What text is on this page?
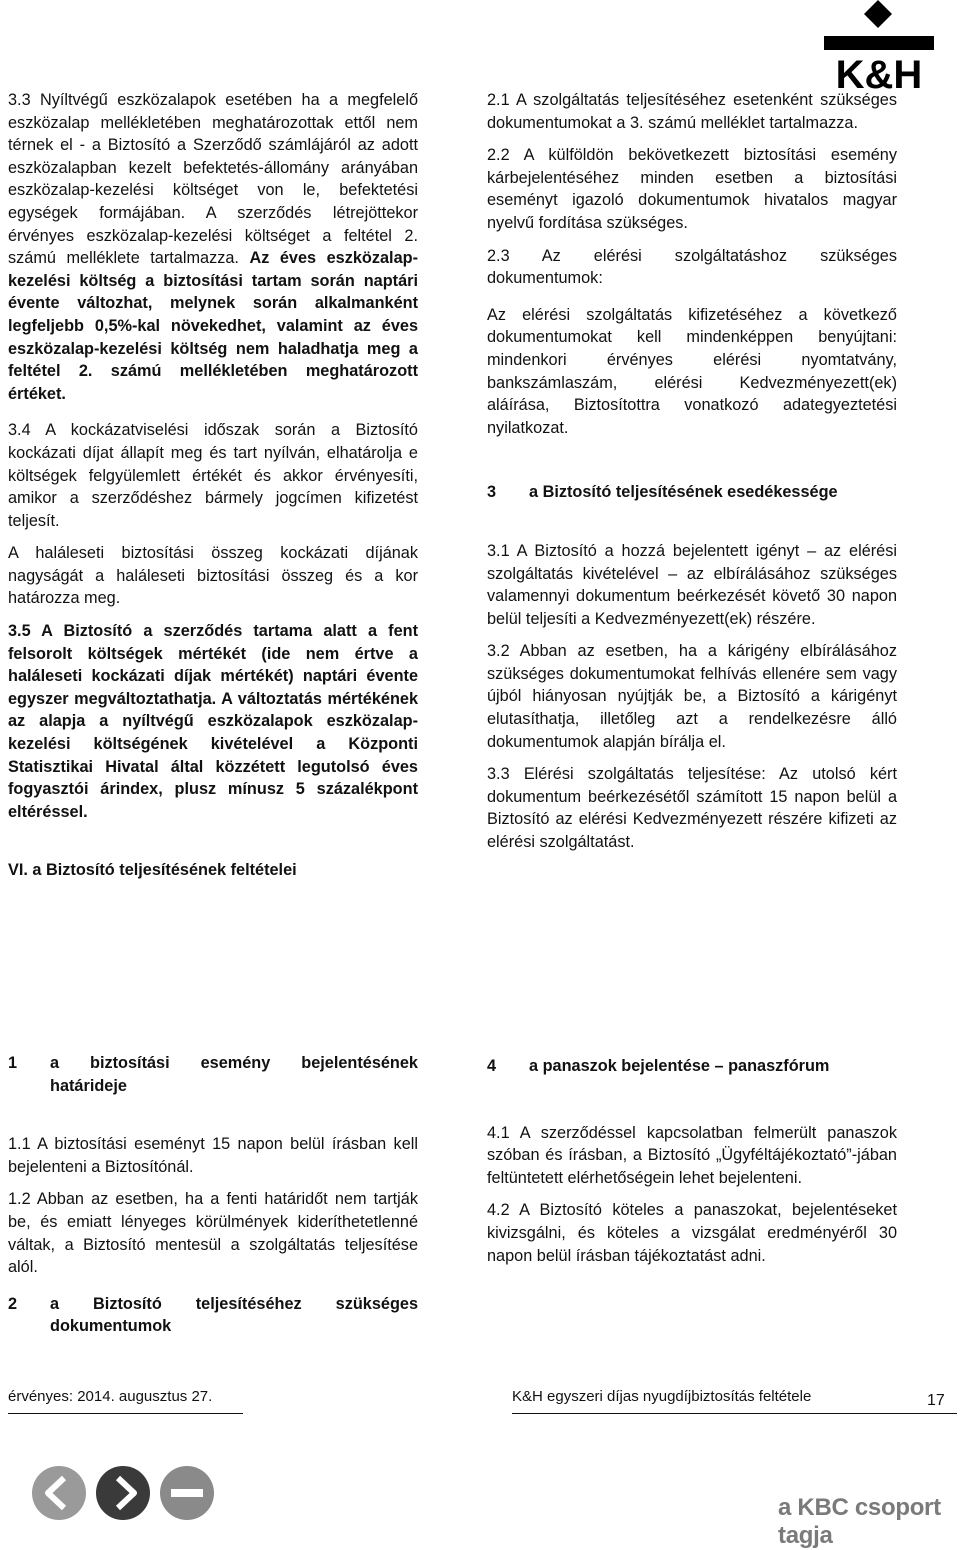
K&H

3.3 Nyíltvégű eszközalapok esetében ha a megfelelő eszközalap mellékletében meghatározottak ettől nem térnek el - a Biztosító a Szerződő számlájáról az adott eszközalapban kezelt befektetés-állomány arányában eszközalap-kezelési költséget von le, befektetési egységek formájában. A szerződés létrejöttekor érvényes eszközalap-kezelési költséget a feltétel 2. számú melléklete tartalmazza. Az éves eszközalap-kezelési költség a biztosítási tartam során naptári évente változhat, melynek során alkalmanként legfeljebb 0,5%-kal növekedhet, valamint az éves eszközalap-kezelési költség nem haladhatja meg a feltétel 2. számú mellékletében meghatározott értéket.

3.4 A kockázatviselési időszak során a Biztosító kockázati díjat állapít meg és tart nyílván, elhatárolja e költségek felgyülemlett értékét és akkor érvényesíti, amikor a szerződéshez bármely jogcímen kifizetést teljesít.

A haláleseti biztosítási összeg kockázati díjának nagyságát a haláleseti biztosítási összeg és a kor határozza meg.

3.5 A Biztosító a szerződés tartama alatt a fent felsorolt költségek mértékét (ide nem értve a haláleseti kockázati díjak mértékét) naptári évente egyszer megváltoztathatja. A változtatás mértékének az alapja a nyíltvégű eszközalapok eszközalap-kezelési költségének kivételével a Központi Statisztikai Hivatal által közzétett legutolsó éves fogyasztói árindex, plusz mínusz 5 százalékpont eltéréssel.

VI. a Biztosító teljesítésének feltételei

1	a biztosítási esemény bejelentésének határideje

1.1 A biztosítási eseményt 15 napon belül írásban kell bejelenteni a Biztosítónál.

1.2 Abban az esetben, ha a fenti határidőt nem tartják be, és emiatt lényeges körülmények kideríthetetlenné váltak, a Biztosító mentesül a szolgáltatás teljesítése alól.

2	a Biztosító teljesítéséhez szükséges dokumentumok

2.1 A szolgáltatás teljesítéséhez esetenként szükséges dokumentumokat a 3. számú melléklet tartalmazza.

2.2 A külföldön bekövetkezett biztosítási esemény kárbejelentéséhez minden esetben a biztosítási eseményt igazoló dokumentumok hivatalos magyar nyelvű fordítása szükséges.

2.3 Az elérési szolgáltatáshoz szükséges dokumentumok:

Az elérési szolgáltatás kifizetéséhez a következő dokumentumokat kell mindenképpen benyújtani: mindenkori érvényes elérési nyomtatvány, bankszámlaszám, elérési Kedvezményezett(ek) aláírása, Biztosítottra vonatkozó adategyeztetési nyilatkozat.

3	a Biztosító teljesítésének esedékessége

3.1 A Biztosító a hozzá bejelentett igényt – az elérési szolgáltatás kivételével – az elbírálásához szükséges valamennyi dokumentum beérkezését követő 30 napon belül teljesíti a Kedvezményezett(ek) részére.

3.2 Abban az esetben, ha a kárigény elbírálásához szükséges dokumentumokat felhívás ellenére sem vagy újból hiányosan nyújtják be, a Biztosító a kárigényt elutasíthatja, illetőleg azt a rendelkezésre álló dokumentumok alapján bírálja el.

3.3 Elérési szolgáltatás teljesítése: Az utolsó kért dokumentum beérkezésétől számított 15 napon belül a Biztosító az elérési Kedvezményezett részére kifizeti az elérési szolgáltatást.

4	a panaszok bejelentése – panaszfórum

4.1 A szerződéssel kapcsolatban felmerült panaszok szóban és írásban, a Biztosító „Ügyféltájékoztató”-jában feltüntetett elérhetőségein lehet bejelenteni.

4.2 A Biztosító köteles a panaszokat, bejelentéseket kivizsgálni, és köteles a vizsgálat eredményéről 30 napon belül írásban tájékoztatást adni.

érvényes: 2014. augusztus 27.	K&H egyszeri díjas nyugdíjbiztosítás feltétele	17
a KBC csoport tagja
